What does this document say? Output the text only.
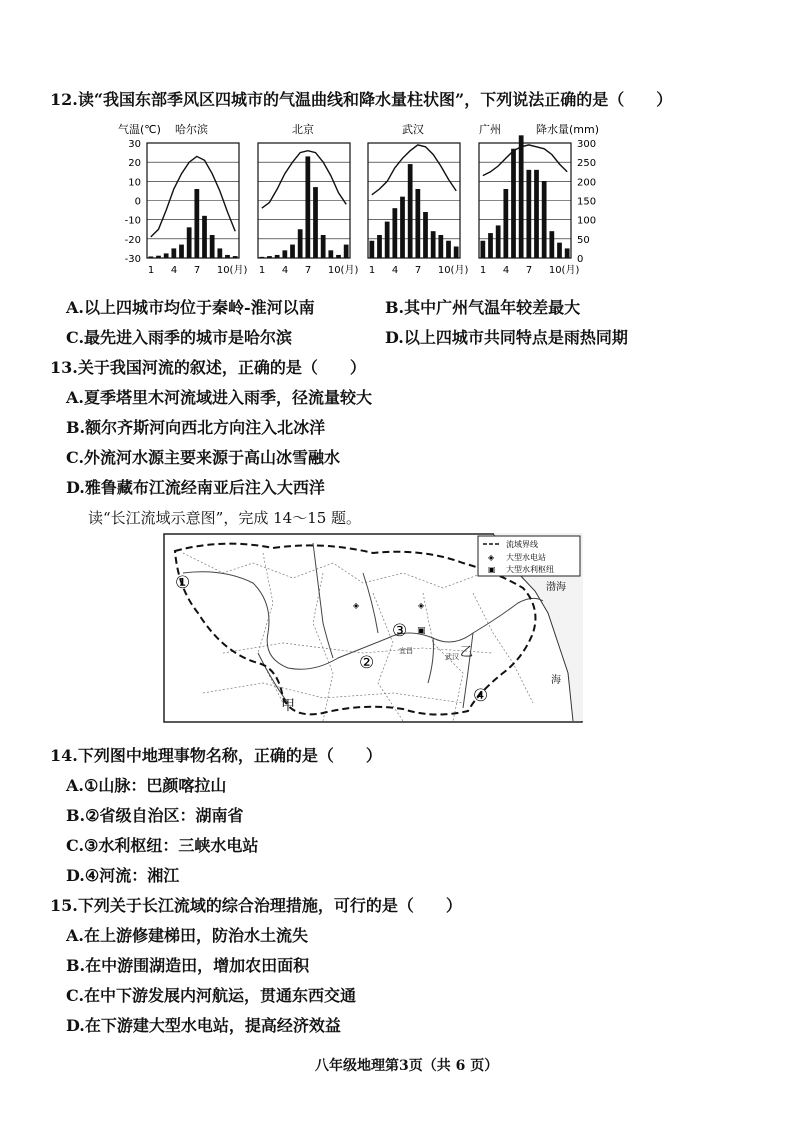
12.读“我国东部季风区四城市的气温曲线和降水量柱状图”，下列说法正确的是（　　）
气温(℃)	降水量(mm)
30
20
10
0
-10
-20
-30
300
250
200
150
100
50
0
哈尔滨
1 4 7 10(月)
北京
1 4 7 10(月)
武汉
1 4 7 10(月)
广州
1 4 7 10(月)
A.以上四城市均位于秦岭-淮河以南	B.其中广州气温年较差最大
C.最先进入雨季的城市是哈尔滨	D.以上四城市共同特点是雨热同期
13.关于我国河流的叙述，正确的是（　　）
A.夏季塔里木河流域进入雨季，径流量较大
B.额尔齐斯河向西北方向注入北冰洋
C.外流河水源主要来源于高山冰雪融水
D.雅鲁藏布江流经南亚后注入大西洋
读“长江流域示意图”，完成 14～15 题。
流域界线
◈ 大型水电站
▣ 大型水利枢纽
①
②
③
④
甲
乙
渤海
海
宜昌
武汉
▣
◈
◈
14.下列图中地理事物名称，正确的是（　　）
A.①山脉：巴颜喀拉山
B.②省级自治区：湖南省
C.③水利枢纽：三峡水电站
D.④河流：湘江
15.下列关于长江流域的综合治理措施，可行的是（　　）
A.在上游修建梯田，防治水土流失
B.在中游围湖造田，增加农田面积
C.在中下游发展内河航运，贯通东西交通
D.在下游建大型水电站，提高经济效益
八年级地理第3页（共 6 页）
